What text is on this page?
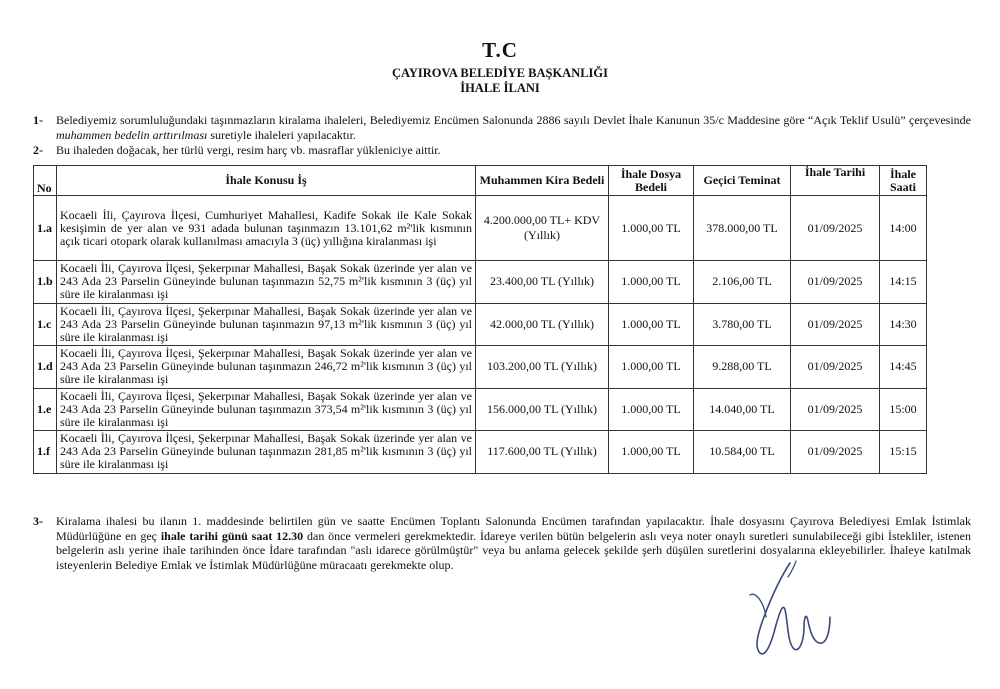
T.C
ÇAYIROVA BELEDİYE BAŞKANLIĞI
İHALE İLANI
1- Belediyemiz sorumluluğundaki taşınmazların kiralama ihaleleri, Belediyemiz Encümen Salonunda 2886 sayılı Devlet İhale Kanunun 35/c Maddesine göre “Açık Teklif Usulü” çerçevesinde muhammen bedelin arttırılması suretiyle ihaleleri yapılacaktır.
2- Bu ihaleden doğacak, her türlü vergi, resim harç vb. masraflar yükleniciye aittir.
No	İhale Konusu İş	Muhammen Kira Bedeli	İhale Dosya Bedeli	Geçici Teminat	İhale Tarihi	İhale Saati
1.a	Kocaeli İli, Çayırova İlçesi, Cumhuriyet Mahallesi, Kadife Sokak ile Kale Sokak kesişimin de yer alan ve 931 adada bulunan taşınmazın 13.101,62 m²'lik kısmının açık ticari otopark olarak kullanılması amacıyla 3 (üç) yıllığına kiralanması işi	4.200.000,00 TL+ KDV (Yıllık)	1.000,00 TL	378.000,00 TL	01/09/2025	14:00
1.b	Kocaeli İli, Çayırova İlçesi, Şekerpınar Mahallesi, Başak Sokak üzerinde yer alan ve 243 Ada 23 Parselin Güneyinde bulunan taşınmazın 52,75 m²'lik kısmının 3 (üç) yıl süre ile kiralanması işi	23.400,00 TL (Yıllık)	1.000,00 TL	2.106,00 TL	01/09/2025	14:15
1.c	Kocaeli İli, Çayırova İlçesi, Şekerpınar Mahallesi, Başak Sokak üzerinde yer alan ve 243 Ada 23 Parselin Güneyinde bulunan taşınmazın 97,13 m²'lik kısmının 3 (üç) yıl süre ile kiralanması işi	42.000,00 TL (Yıllık)	1.000,00 TL	3.780,00 TL	01/09/2025	14:30
1.d	Kocaeli İli, Çayırova İlçesi, Şekerpınar Mahallesi, Başak Sokak üzerinde yer alan ve 243 Ada 23 Parselin Güneyinde bulunan taşınmazın 246,72 m²'lik kısmının 3 (üç) yıl süre ile kiralanması işi	103.200,00 TL (Yıllık)	1.000,00 TL	9.288,00 TL	01/09/2025	14:45
1.e	Kocaeli İli, Çayırova İlçesi, Şekerpınar Mahallesi, Başak Sokak üzerinde yer alan ve 243 Ada 23 Parselin Güneyinde bulunan taşınmazın 373,54 m²'lik kısmının 3 (üç) yıl süre ile kiralanması işi	156.000,00 TL (Yıllık)	1.000,00 TL	14.040,00 TL	01/09/2025	15:00
1.f	Kocaeli İli, Çayırova İlçesi, Şekerpınar Mahallesi, Başak Sokak üzerinde yer alan ve 243 Ada 23 Parselin Güneyinde bulunan taşınmazın 281,85 m²'lik kısmının 3 (üç) yıl süre ile kiralanması işi	117.600,00 TL (Yıllık)	1.000,00 TL	10.584,00 TL	01/09/2025	15:15
3- Kiralama ihalesi bu ilanın 1. maddesinde belirtilen gün ve saatte Encümen Toplantı Salonunda Encümen tarafından yapılacaktır. İhale dosyasını Çayırova Belediyesi Emlak İstimlak Müdürlüğüne en geç ihale tarihi günü saat 12.30 dan önce vermeleri gerekmektedir. İdareye verilen bütün belgelerin aslı veya noter onaylı suretleri sunulabileceği gibi İstekliler, istenen belgelerin aslı yerine ihale tarihinden önce İdare tarafından "aslı idarece görülmüştür" veya bu anlama gelecek şekilde şerh düşülen suretlerini dosyalarına ekleyebilirler. İhaleye katılmak isteyenlerin Belediye Emlak ve İstimlak Müdürlüğüne müracaatı gerekmekte olup.
